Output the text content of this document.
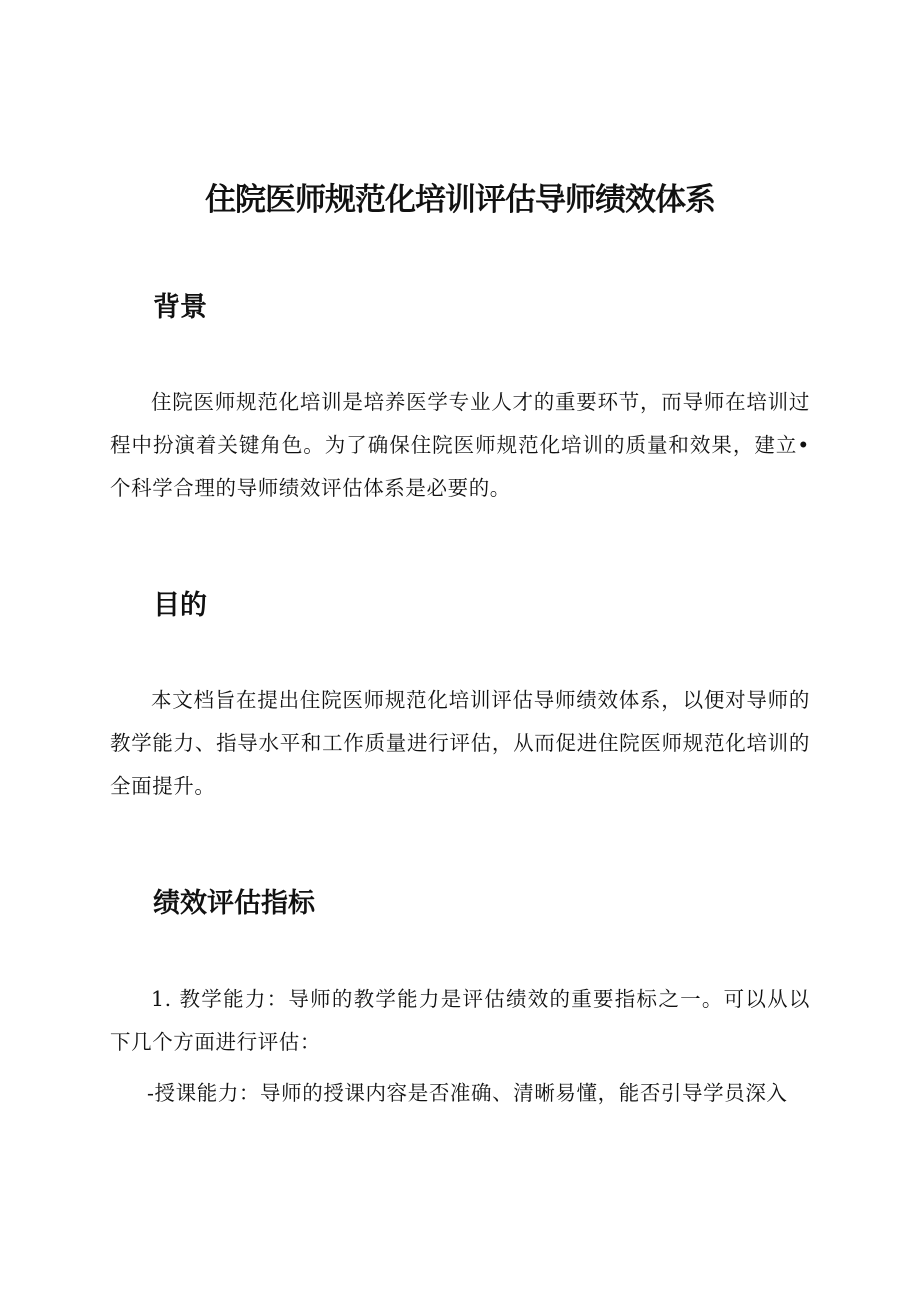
住院医师规范化培训评估导师绩效体系
背景

住院医师规范化培训是培养医学专业人才的重要环节，而导师在培训过程中扮演着关键角色。为了确保住院医师规范化培训的质量和效果，建立•个科学合理的导师绩效评估体系是必要的。

目的

本文档旨在提出住院医师规范化培训评估导师绩效体系，以便对导师的教学能力、指导水平和工作质量进行评估，从而促进住院医师规范化培训的全面提升。

绩效评估指标

1. 教学能力：导师的教学能力是评估绩效的重要指标之一。可以从以下几个方面进行评估：

-授课能力：导师的授课内容是否准确、清晰易懂，能否引导学员深入
